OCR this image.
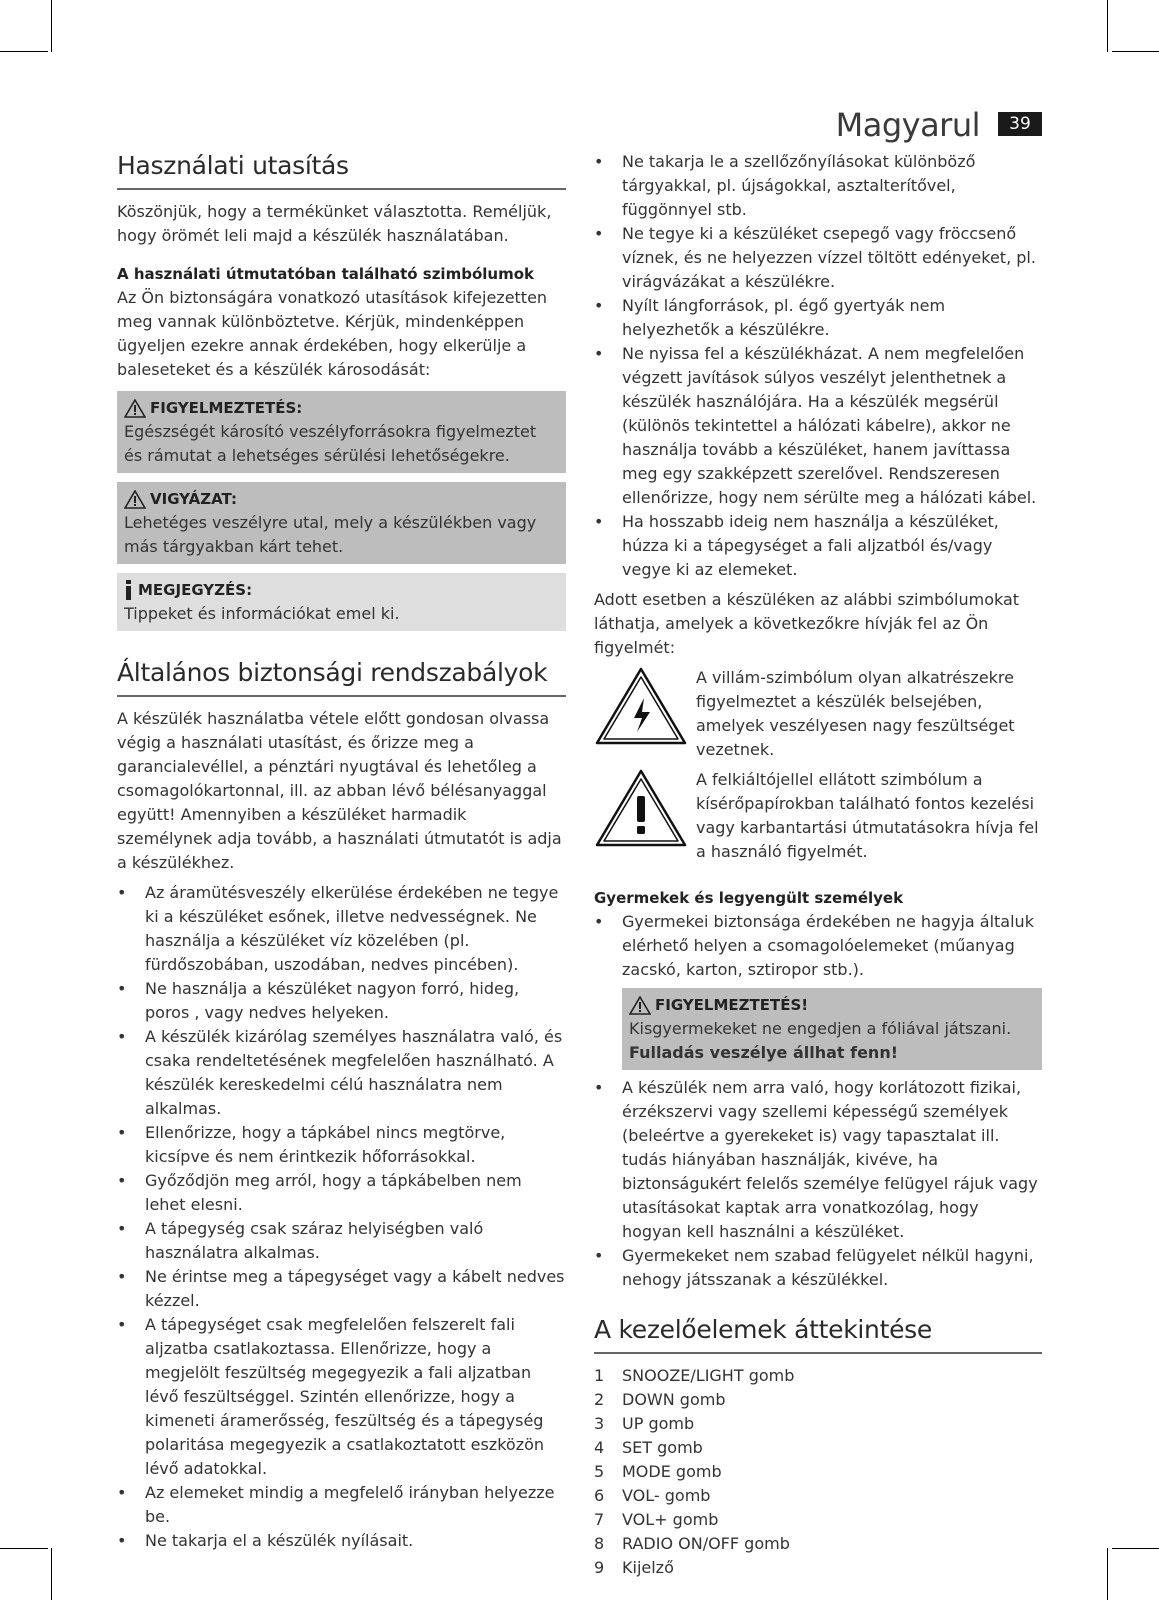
Magyarul	39
Használati utasítás

Köszönjük, hogy a termékünket választotta. Reméljük, hogy örömét leli majd a készülék használatában.

A használati útmutatóban található szimbólumok

Az Ön biztonságára vonatkozó utasítások kifejezetten meg vannak különböztetve. Kérjük, mindenképpen ügyeljen ezekre annak érdekében, hogy elkerülje a baleseteket és a készülék károsodását:

FIGYELMEZTETÉS:
Egészségét károsító veszélyforrásokra figyelmeztet és rámutat a lehetséges sérülési lehetőségekre.
VIGYÁZAT:
Lehetéges veszélyre utal, mely a készülékben vagy más tárgyakban kárt tehet.
MEGJEGYZÉS:
Tippeket és információkat emel ki.
Általános biztonsági rendszabályok

A készülék használatba vétele előtt gondosan olvassa végig a használati utasítást, és őrizze meg a garancialevéllel, a pénztári nyugtával és lehetőleg a csomagolókartonnal, ill. az abban lévő bélésanyaggal együtt! Amennyiben a készüléket harmadik személynek adja tovább, a használati útmutatót is adja a készülékhez.

• Az áramütésveszély elkerülése érdekében ne tegye ki a készüléket esőnek, illetve nedvességnek. Ne használja a készüléket víz közelében (pl. fürdőszobában, uszodában, nedves pincében).
• Ne használja a készüléket nagyon forró, hideg, poros , vagy nedves helyeken.
• A készülék kizárólag személyes használatra való, és csaka rendeltetésének megfelelően használható. A készülék kereskedelmi célú használatra nem alkalmas.
• Ellenőrizze, hogy a tápkábel nincs megtörve, kicsípve és nem érintkezik hőforrásokkal.
• Győződjön meg arról, hogy a tápkábelben nem lehet elesni.
• A tápegység csak száraz helyiségben való használatra alkalmas.
• Ne érintse meg a tápegységet vagy a kábelt nedves kézzel.
• A tápegységet csak megfelelően felszerelt fali aljzatba csatlakoztassa. Ellenőrizze, hogy a megjelölt feszültség megegyezik a fali aljzatban lévő feszültséggel. Szintén ellenőrizze, hogy a kimeneti áramerősség, feszültség és a tápegység polaritása megegyezik a csatlakoztatott eszközön lévő adatokkal.
• Az elemeket mindig a megfelelő irányban helyezze be.
• Ne takarja el a készülék nyílásait.
• Ne takarja le a szellőzőnyílásokat különböző tárgyakkal, pl. újságokkal, asztalterítővel, függönnyel stb.
• Ne tegye ki a készüléket csepegő vagy fröccsenő víznek, és ne helyezzen vízzel töltött edényeket, pl. virágvázákat a készülékre.
• Nyílt lángforrások, pl. égő gyertyák nem helyezhetők a készülékre.
• Ne nyissa fel a készülékházat. A nem megfelelően végzett javítások súlyos veszélyt jelenthetnek a készülék használójára. Ha a készülék megsérül (különös tekintettel a hálózati kábelre), akkor ne használja tovább a készüléket, hanem javíttassa meg egy szakképzett szerelővel. Rendszeresen ellenőrizze, hogy nem sérülte meg a hálózati kábel.
• Ha hosszabb ideig nem használja a készüléket, húzza ki a tápegységet a fali aljzatból és/vagy vegye ki az elemeket.

Adott esetben a készüléken az alábbi szimbólumokat láthatja, amelyek a következőkre hívják fel az Ön figyelmét:

A villám-szimbólum olyan alkatrészekre figyelmeztet a készülék belsejében, amelyek veszélyesen nagy feszültséget vezetnek.

A felkiáltójellel ellátott szimbólum a kísérőpapírokban található fontos kezelési vagy karbantartási útmutatásokra hívja fel a használó figyelmét.

Gyermekek és legyengült személyek

• Gyermekei biztonsága érdekében ne hagyja általuk elérhető helyen a csomagolóelemeket (műanyag zacskó, karton, sztiropor stb.).
FIGYELMEZTETÉS!
Kisgyermekeket ne engedjen a fóliával játszani. Fulladás veszélye állhat fenn!
• A készülék nem arra való, hogy korlátozott fizikai, érzékszervi vagy szellemi képességű személyek (beleértve a gyerekeket is) vagy tapasztalat ill. tudás hiányában használják, kivéve, ha biztonságukért felelős személye felügyel rájuk vagy utasításokat kaptak arra vonatkozólag, hogy hogyan kell használni a készüléket.
• Gyermekeket nem szabad felügyelet nélkül hagyni, nehogy játsszanak a készülékkel.
A kezelőelemek áttekintése
1	SNOOZE/LIGHT gomb
2	DOWN gomb
3	UP gomb
4	SET gomb
5	MODE gomb
6	VOL- gomb
7	VOL+ gomb
8	RADIO ON/OFF gomb
9	Kijelző
